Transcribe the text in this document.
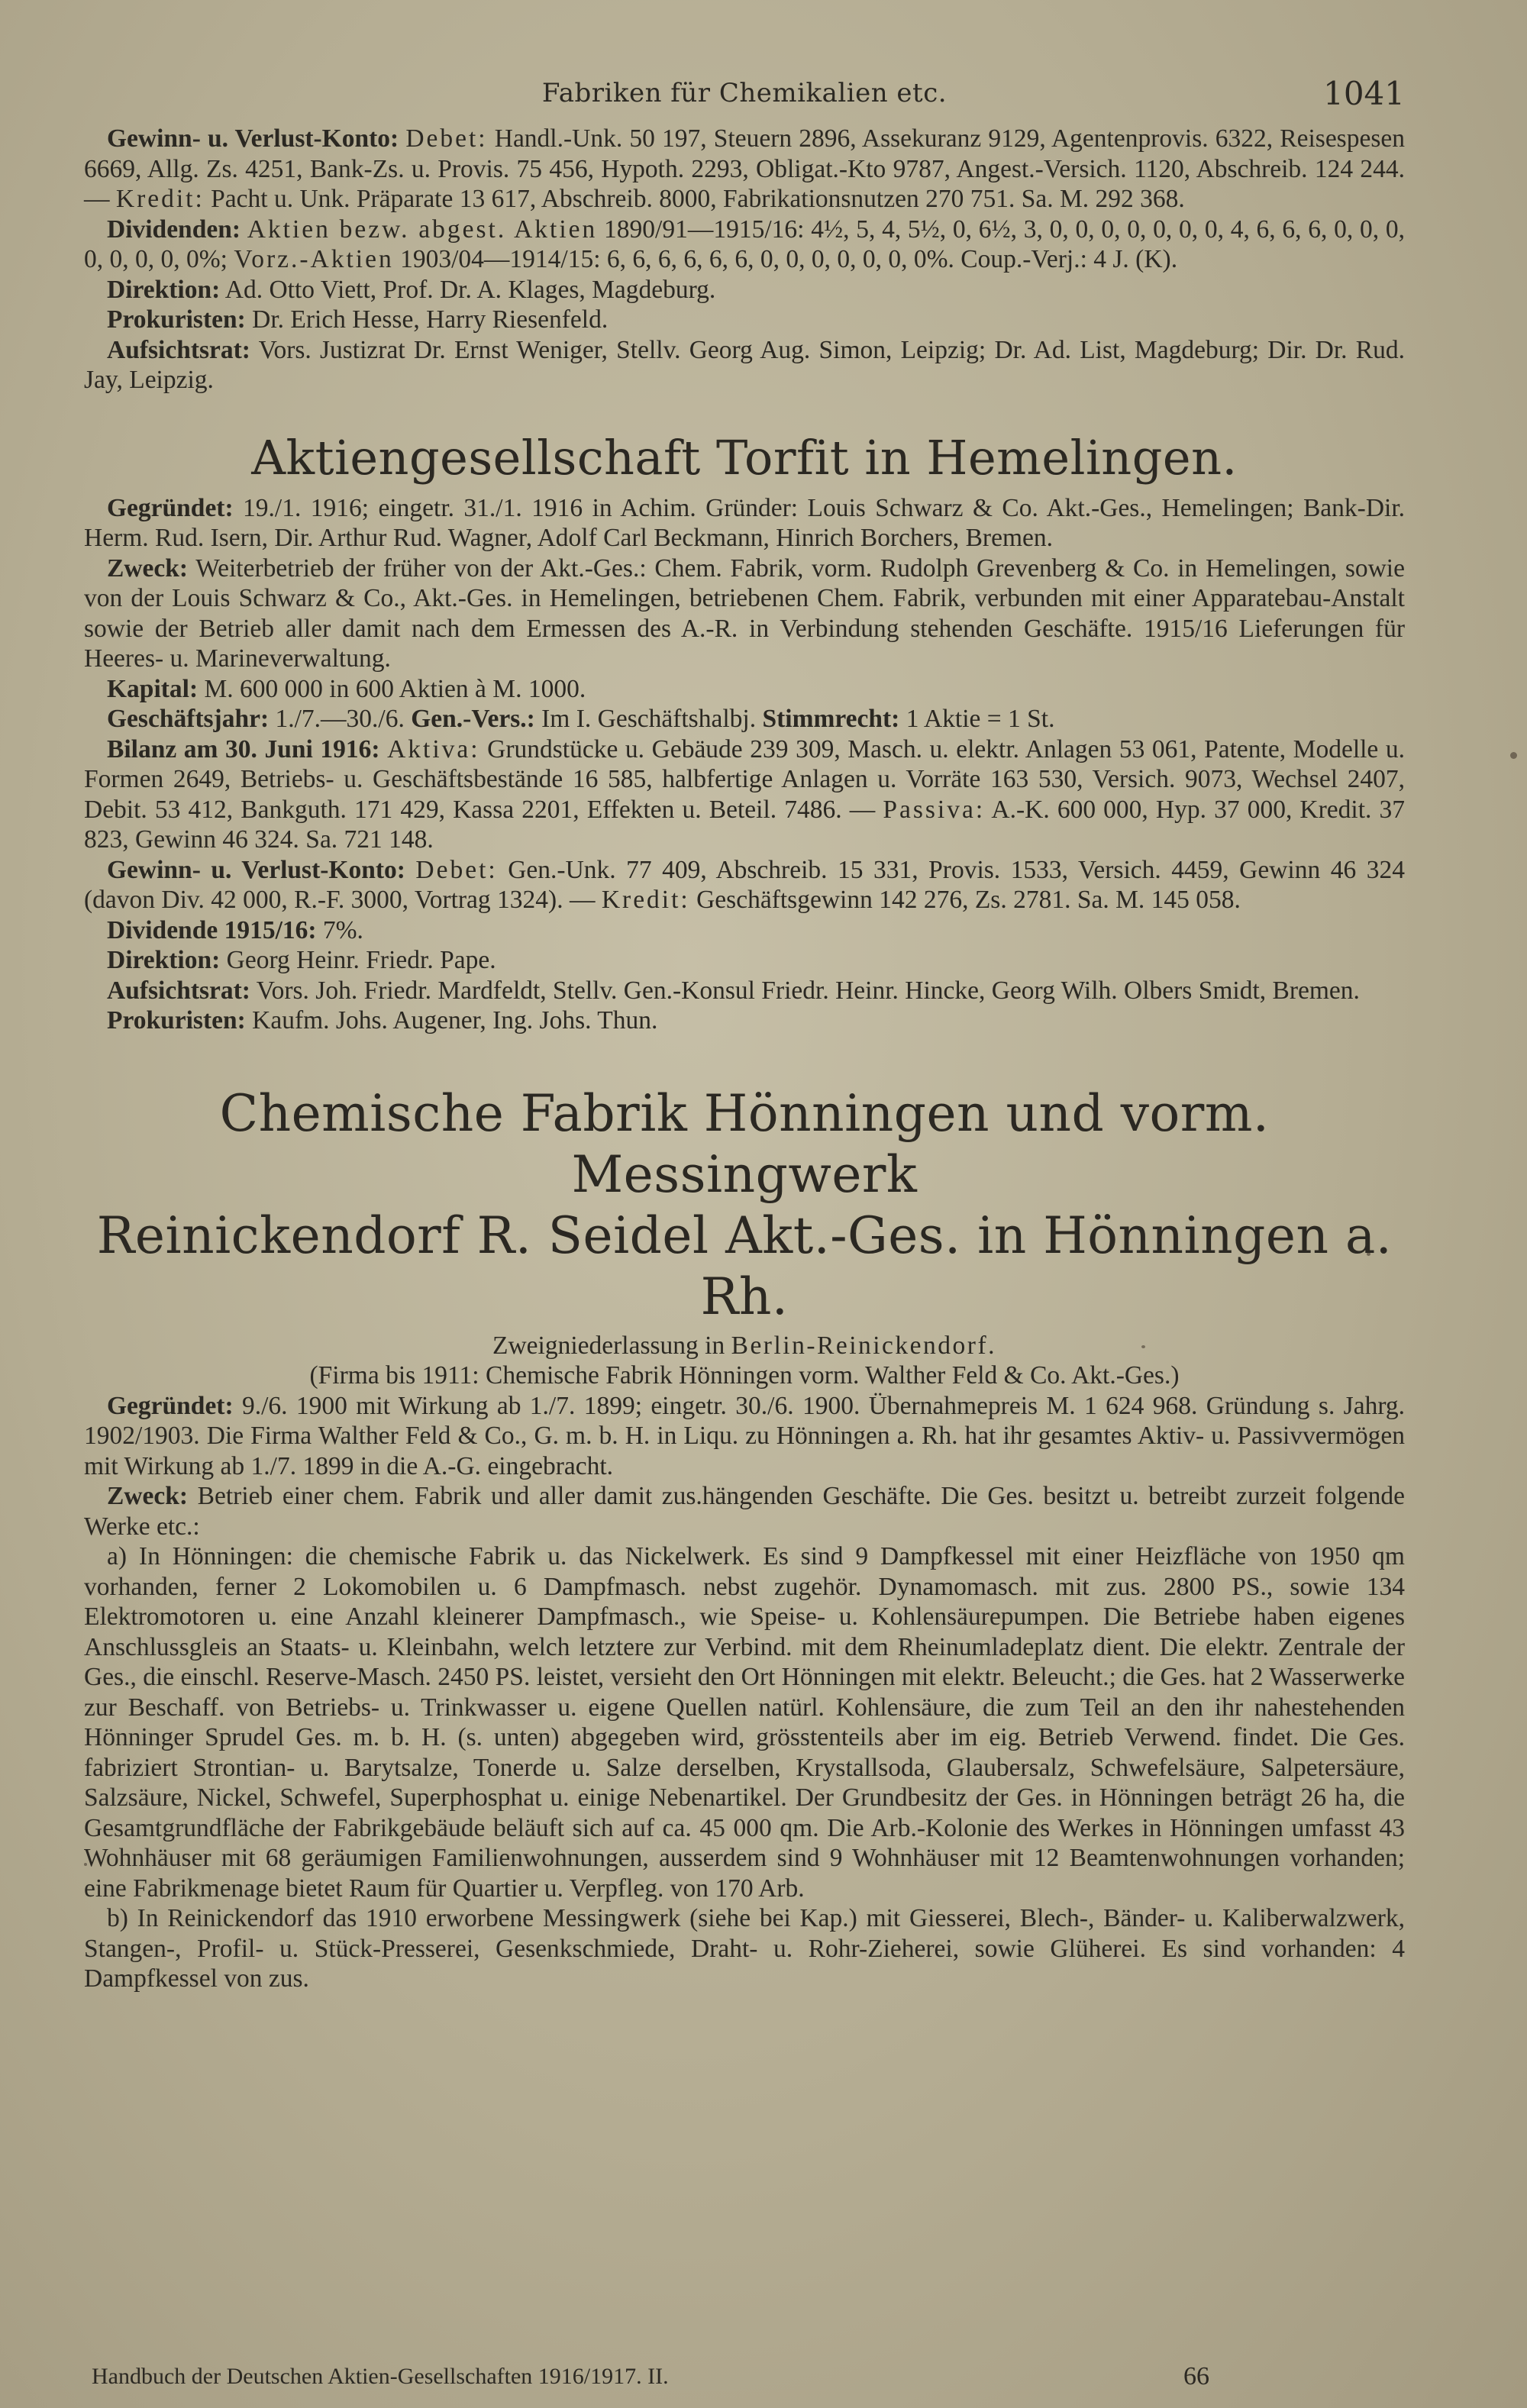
Fabriken für Chemikalien etc.	1041

Gewinn- u. Verlust-Konto: Debet: Handl.-Unk. 50 197, Steuern 2896, Assekuranz 9129, Agentenprovis. 6322, Reisespesen 6669, Allg. Zs. 4251, Bank-Zs. u. Provis. 75 456, Hypoth. 2293, Obligat.-Kto 9787, Angest.-Versich. 1120, Abschreib. 124 244. — Kredit: Pacht u. Unk. Präparate 13 617, Abschreib. 8000, Fabrikationsnutzen 270 751. Sa. M. 292 368.

Dividenden: Aktien bezw. abgest. Aktien 1890/91—1915/16: 4½, 5, 4, 5½, 0, 6½, 3, 0, 0, 0, 0, 0, 0, 0, 4, 6, 6, 6, 0, 0, 0, 0, 0, 0, 0, 0%; Vorz.-Aktien 1903/04—1914/15: 6, 6, 6, 6, 6, 6, 0, 0, 0, 0, 0, 0, 0%. Coup.-Verj.: 4 J. (K).

Direktion: Ad. Otto Viett, Prof. Dr. A. Klages, Magdeburg.

Prokuristen: Dr. Erich Hesse, Harry Riesenfeld.

Aufsichtsrat: Vors. Justizrat Dr. Ernst Weniger, Stellv. Georg Aug. Simon, Leipzig; Dr. Ad. List, Magdeburg; Dir. Dr. Rud. Jay, Leipzig.

Aktiengesellschaft Torfit in Hemelingen.

Gegründet: 19./1. 1916; eingetr. 31./1. 1916 in Achim. Gründer: Louis Schwarz & Co. Akt.-Ges., Hemelingen; Bank-Dir. Herm. Rud. Isern, Dir. Arthur Rud. Wagner, Adolf Carl Beckmann, Hinrich Borchers, Bremen.

Zweck: Weiterbetrieb der früher von der Akt.-Ges.: Chem. Fabrik, vorm. Rudolph Grevenberg & Co. in Hemelingen, sowie von der Louis Schwarz & Co., Akt.-Ges. in Hemelingen, betriebenen Chem. Fabrik, verbunden mit einer Apparatebau-Anstalt sowie der Betrieb aller damit nach dem Ermessen des A.-R. in Verbindung stehenden Geschäfte. 1915/16 Lieferungen für Heeres- u. Marineverwaltung.

Kapital: M. 600 000 in 600 Aktien à M. 1000.

Geschäftsjahr: 1./7.—30./6. Gen.-Vers.: Im I. Geschäftshalbj. Stimmrecht: 1 Aktie = 1 St.

Bilanz am 30. Juni 1916: Aktiva: Grundstücke u. Gebäude 239 309, Masch. u. elektr. Anlagen 53 061, Patente, Modelle u. Formen 2649, Betriebs- u. Geschäftsbestände 16 585, halbfertige Anlagen u. Vorräte 163 530, Versich. 9073, Wechsel 2407, Debit. 53 412, Bankguth. 171 429, Kassa 2201, Effekten u. Beteil. 7486. — Passiva: A.-K. 600 000, Hyp. 37 000, Kredit. 37 823, Gewinn 46 324. Sa. 721 148.

Gewinn- u. Verlust-Konto: Debet: Gen.-Unk. 77 409, Abschreib. 15 331, Provis. 1533, Versich. 4459, Gewinn 46 324 (davon Div. 42 000, R.-F. 3000, Vortrag 1324). — Kredit: Geschäftsgewinn 142 276, Zs. 2781. Sa. M. 145 058.

Dividende 1915/16: 7%.

Direktion: Georg Heinr. Friedr. Pape.

Aufsichtsrat: Vors. Joh. Friedr. Mardfeldt, Stellv. Gen.-Konsul Friedr. Heinr. Hincke, Georg Wilh. Olbers Smidt, Bremen.

Prokuristen: Kaufm. Johs. Augener, Ing. Johs. Thun.

Chemische Fabrik Hönningen und vorm. Messingwerk
Reinickendorf R. Seidel Akt.-Ges. in Hönningen a. Rh.

Zweigniederlassung in Berlin-Reinickendorf.

(Firma bis 1911: Chemische Fabrik Hönningen vorm. Walther Feld & Co. Akt.-Ges.)

Gegründet: 9./6. 1900 mit Wirkung ab 1./7. 1899; eingetr. 30./6. 1900. Übernahmepreis M. 1 624 968. Gründung s. Jahrg. 1902/1903. Die Firma Walther Feld & Co., G. m. b. H. in Liqu. zu Hönningen a. Rh. hat ihr gesamtes Aktiv- u. Passivvermögen mit Wirkung ab 1./7. 1899 in die A.-G. eingebracht.

Zweck: Betrieb einer chem. Fabrik und aller damit zus.hängenden Geschäfte. Die Ges. besitzt u. betreibt zurzeit folgende Werke etc.:

a) In Hönningen: die chemische Fabrik u. das Nickelwerk. Es sind 9 Dampfkessel mit einer Heizfläche von 1950 qm vorhanden, ferner 2 Lokomobilen u. 6 Dampfmasch. nebst zugehör. Dynamomasch. mit zus. 2800 PS., sowie 134 Elektromotoren u. eine Anzahl kleinerer Dampfmasch., wie Speise- u. Kohlensäurepumpen. Die Betriebe haben eigenes Anschlussgleis an Staats- u. Kleinbahn, welch letztere zur Verbind. mit dem Rheinumladeplatz dient. Die elektr. Zentrale der Ges., die einschl. Reserve-Masch. 2450 PS. leistet, versieht den Ort Hönningen mit elektr. Beleucht.; die Ges. hat 2 Wasserwerke zur Beschaff. von Betriebs- u. Trinkwasser u. eigene Quellen natürl. Kohlensäure, die zum Teil an den ihr nahestehenden Hönninger Sprudel Ges. m. b. H. (s. unten) abgegeben wird, grösstenteils aber im eig. Betrieb Verwend. findet. Die Ges. fabriziert Strontian- u. Barytsalze, Tonerde u. Salze derselben, Krystallsoda, Glaubersalz, Schwefelsäure, Salpetersäure, Salzsäure, Nickel, Schwefel, Superphosphat u. einige Nebenartikel. Der Grundbesitz der Ges. in Hönningen beträgt 26 ha, die Gesamtgrundfläche der Fabrikgebäude beläuft sich auf ca. 45 000 qm. Die Arb.-Kolonie des Werkes in Hönningen umfasst 43 Wohnhäuser mit 68 geräumigen Familienwohnungen, ausserdem sind 9 Wohnhäuser mit 12 Beamtenwohnungen vorhanden; eine Fabrikmenage bietet Raum für Quartier u. Verpfleg. von 170 Arb.

b) In Reinickendorf das 1910 erworbene Messingwerk (siehe bei Kap.) mit Giesserei, Blech-, Bänder- u. Kaliberwalzwerk, Stangen-, Profil- u. Stück-Presserei, Gesenkschmiede, Draht- u. Rohr-Zieherei, sowie Glüherei. Es sind vorhanden: 4 Dampfkessel von zus.

Handbuch der Deutschen Aktien-Gesellschaften 1916/1917. II.	66
